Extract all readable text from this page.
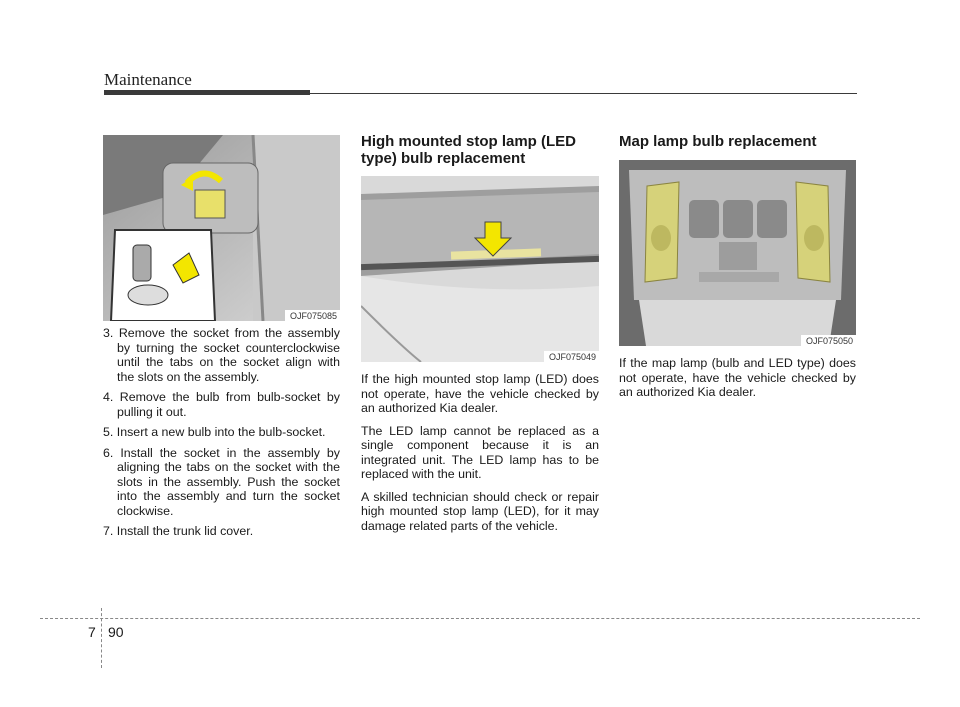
Maintenance
OJF075085
3. Remove the socket from the assembly by turning the socket counterclockwise until the tabs on the socket align with the slots on the assembly.
4. Remove the bulb from bulb-socket by pulling it out.
5. Insert a new bulb into the bulb-socket.
6. Install the socket in the assembly by aligning the tabs on the socket with the slots in the assembly. Push the socket into the assembly and turn the socket clockwise.
7. Install the trunk lid cover.
High mounted stop lamp (LED type) bulb replacement
OJF075049

If the high mounted stop lamp (LED) does not operate, have the vehicle checked by an authorized Kia dealer.

The LED lamp cannot be replaced as a single component because it is an integrated unit. The LED lamp has to be replaced with the unit.

A skilled technician should check or repair high mounted stop lamp (LED), for it may damage related parts of the vehicle.

Map lamp bulb replacement
OJF075050

If the map lamp (bulb and LED type) does not operate, have the vehicle checked by an authorized Kia dealer.

7 90
